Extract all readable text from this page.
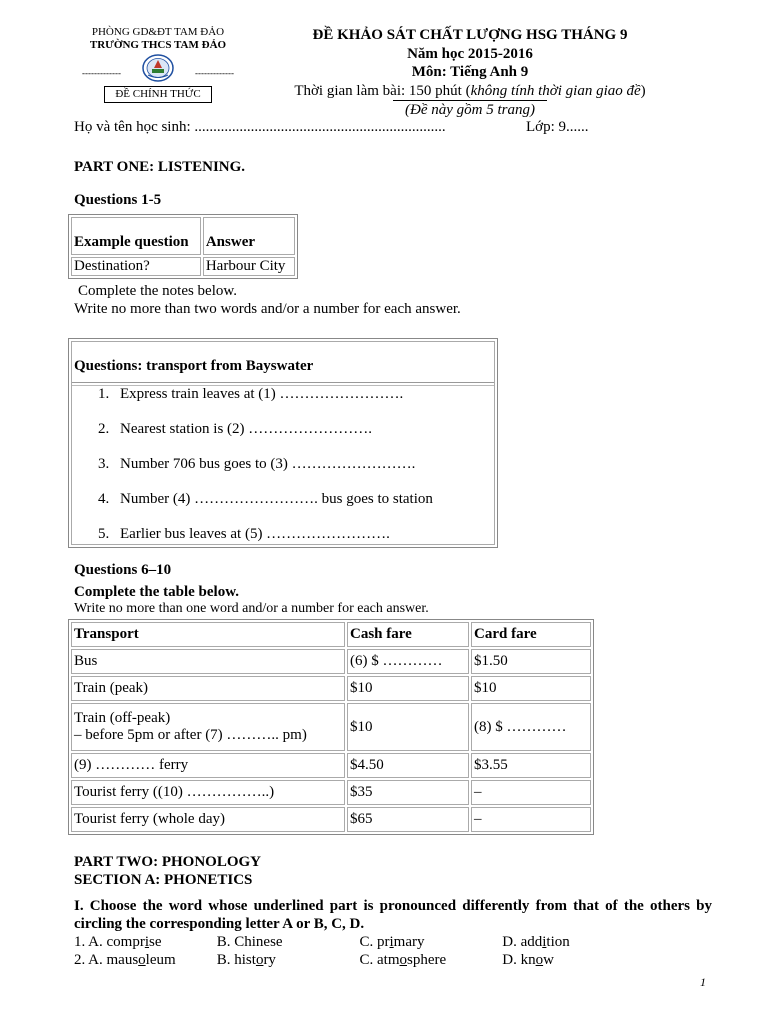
PHÒNG GD&ĐT TAM ĐẢO
TRƯỜNG THCS TAM ĐẢO
-------------	-------------
ĐỀ CHÍNH THỨC
ĐỀ KHẢO SÁT CHẤT LƯỢNG HSG THÁNG 9
Năm học 2015-2016
Môn: Tiếng Anh 9
Thời gian làm bài: 150 phút (không tính thời gian giao đề)
(Đề này gồm 5 trang)
Họ và tên học sinh: ...................................................................	Lớp: 9......
PART ONE: LISTENING.
Questions 1-5
Example question	Answer
Destination?	Harbour City
Complete the notes below.
Write no more than two words and/or a number for each answer.
Questions: transport from Bayswater
1. Express train leaves at (1) …………………….
2. Nearest station is (2) …………………….
3. Number 706 bus goes to (3) …………………….
4. Number (4) ……………………. bus goes to station
5. Earlier bus leaves at (5) …………………….
Questions 6–10
Complete the table below.
Write no more than one word and/or a number for each answer.
Transport	Cash fare	Card fare
Bus	(6) $ …………	$1.50
Train (peak)	$10	$10

Train (off-peak)
– before 5pm or after (7) ……….. pm)	$10	(8) $ …………
(9) ………… ferry	$4.50	$3.55
Tourist ferry ((10) ……………..)	$35	–
Tourist ferry (whole day)	$65	–
PART TWO: PHONOLOGY
SECTION A: PHONETICS
I. Choose the word whose underlined part is pronounced differently from that of the others by circling the corresponding letter A or B, C, D.
1. A. comprise	B. Chinese	C. primary	D. addition
2. A. mausoleum	B. history	C. atmosphere	D. know
1
